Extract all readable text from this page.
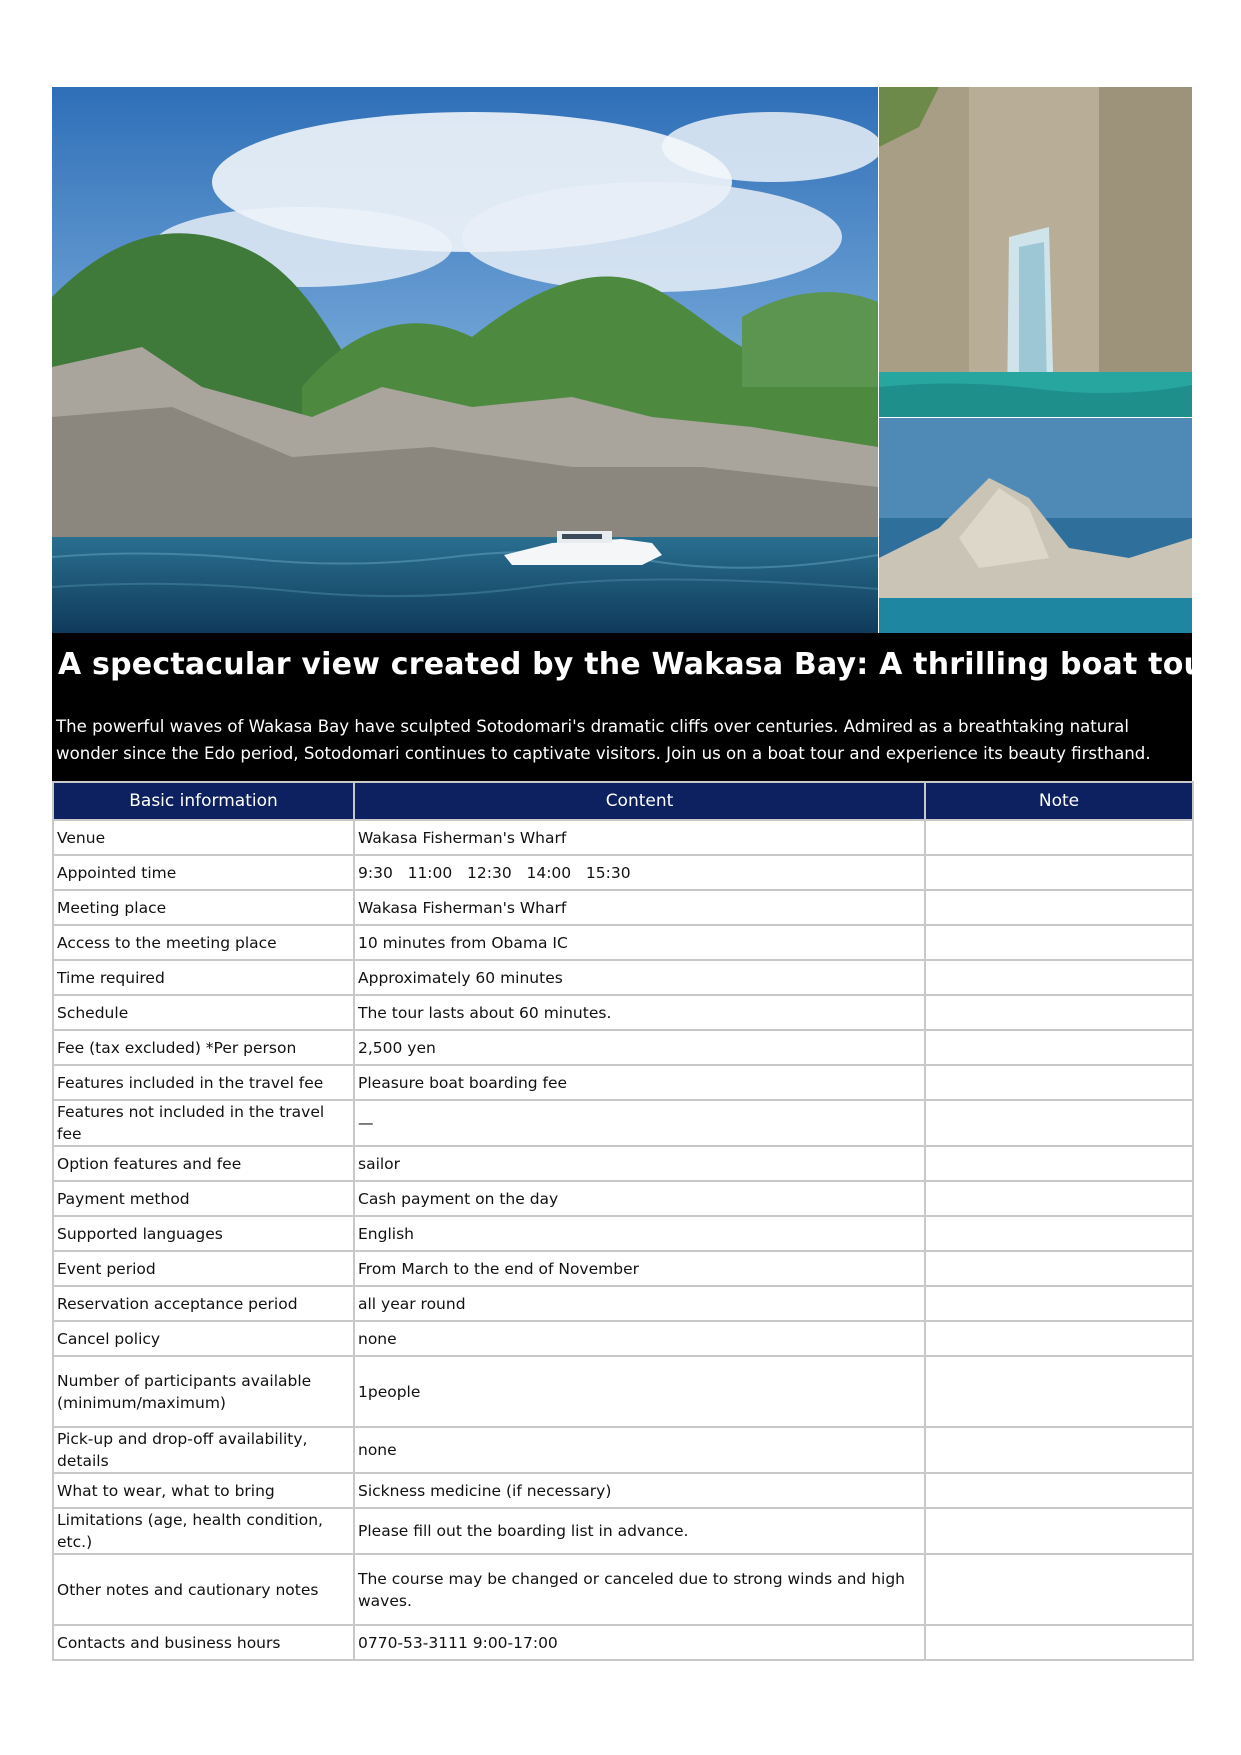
A spectacular view created by the Wakasa Bay: A thrilling boat tour.

The powerful waves of Wakasa Bay have sculpted Sotodomari's dramatic cliffs over centuries. Admired as a breathtaking natural wonder since the Edo period, Sotodomari continues to captivate visitors. Join us on a boat tour and experience its beauty firsthand.

Basic information	Content	Note
Venue	Wakasa Fisherman's Wharf	
Appointed time	9:30   11:00   12:30   14:00   15:30	
Meeting place	Wakasa Fisherman's Wharf	
Access to the meeting place	10 minutes from Obama IC	
Time required	Approximately 60 minutes	
Schedule	The tour lasts about 60 minutes.	
Fee (tax excluded) *Per person	2,500 yen	
Features included in the travel fee	Pleasure boat boarding fee	
Features not included in the travel fee	—	
Option features and fee	sailor	
Payment method	Cash payment on the day	
Supported languages	English	
Event period	From March to the end of November	
Reservation acceptance period	all year round	
Cancel policy	none	
Number of participants available (minimum/maximum)	1people	
Pick-up and drop-off availability, details	none	
What to wear, what to bring	Sickness medicine (if necessary)	
Limitations (age, health condition, etc.)	Please fill out the boarding list in advance.	
Other notes and cautionary notes	The course may be changed or canceled due to strong winds and high waves.	
Contacts and business hours	0770-53-3111 9:00-17:00	
